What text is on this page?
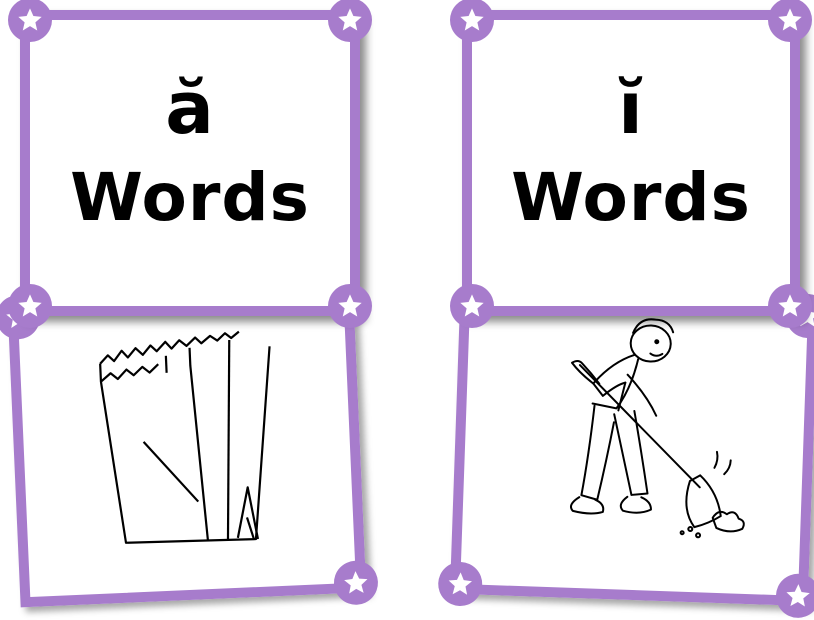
ă
Words
ĭ
Words
